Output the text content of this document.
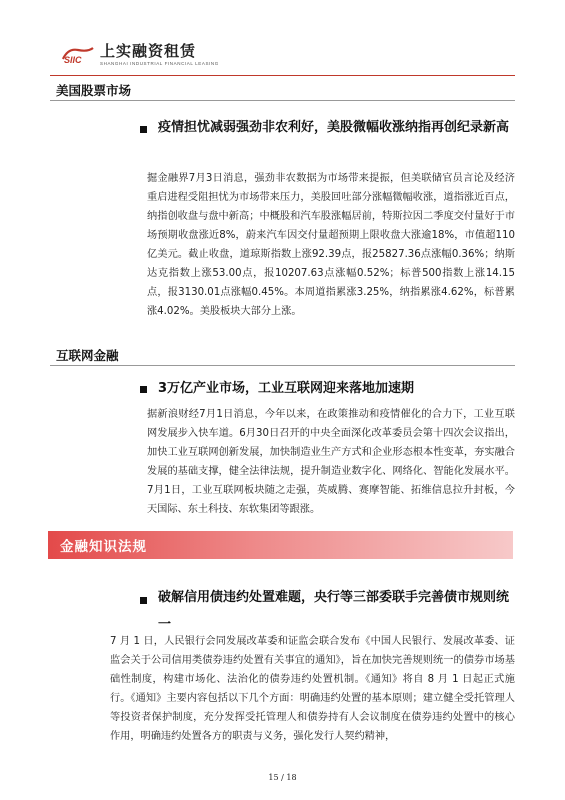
SIIC 上实融资租赁
SHANGHAI INDUSTRIAL FINANCIAL LEASING
美国股票市场
疫情担忧减弱强劲非农利好，美股微幅收涨纳指再创纪录新高
掘金融界7月3日消息，强劲非农数据为市场带来提振，但美联储官员言论及经济重启进程受阻担忧为市场带来压力，美股回吐部分涨幅微幅收涨，道指涨近百点，纳指创收盘与盘中新高；中概股和汽车股涨幅居前，特斯拉因二季度交付量好于市场预期收盘涨近8%，蔚来汽车因交付量超预期上限收盘大涨逾18%，市值超110亿美元。截止收盘，道琼斯指数上涨92.39点，报25827.36点涨幅0.36%；纳斯达克指数上涨53.00点，报10207.63点涨幅0.52%；标普500指数上涨14.15点，报3130.01点涨幅0.45%。本周道指累涨3.25%，纳指累涨4.62%，标普累涨4.02%。美股板块大部分上涨。
互联网金融
3万亿产业市场，工业互联网迎来落地加速期
据新浪财经7月1日消息，今年以来，在政策推动和疫情催化的合力下，工业互联网发展步入快车道。6月30日召开的中央全面深化改革委员会第十四次会议指出，加快工业互联网创新发展，加快制造业生产方式和企业形态根本性变革，夯实融合发展的基础支撑，健全法律法规，提升制造业数字化、网络化、智能化发展水平。7月1日，工业互联网板块随之走强，英威腾、赛摩智能、拓维信息拉升封板，今天国际、东土科技、东软集团等跟涨。
金融知识法规
破解信用债违约处置难题，央行等三部委联手完善债市规则统一
7 月 1 日，人民银行会同发展改革委和证监会联合发布《中国人民银行、发展改革委、证监会关于公司信用类债券违约处置有关事宜的通知》，旨在加快完善规则统一的债券市场基础性制度，构建市场化、法治化的债券违约处置机制。《通知》将自 8 月 1 日起正式施行。《通知》主要内容包括以下几个方面：明确违约处置的基本原则；建立健全受托管理人等投资者保护制度，充分发挥受托管理人和债券持有人会议制度在债券违约处置中的核心作用，明确违约处置各方的职责与义务，强化发行人契约精神，
15 / 18
